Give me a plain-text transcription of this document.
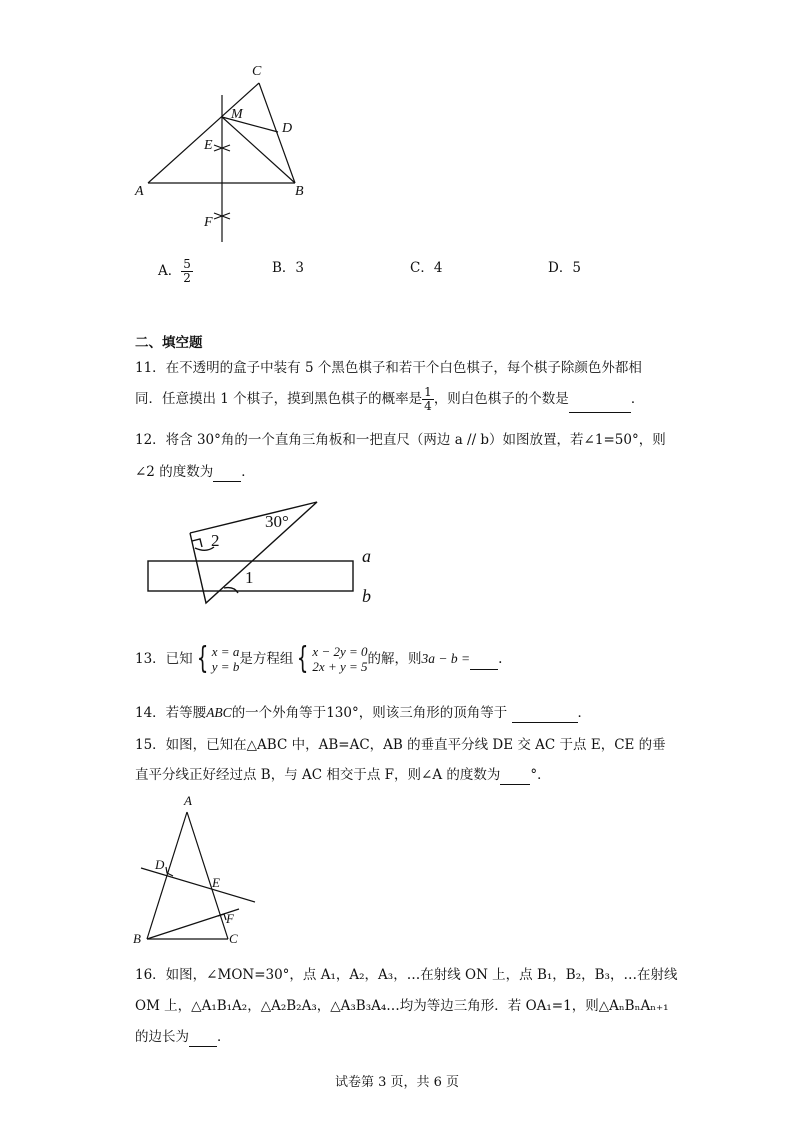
C
M
D
E
A	B
F
A． $\frac{5}{2}$	B．3	C．4	D．5
二、填空题
11．在不透明的盒子中装有 5 个黑色棋子和若干个白色棋子，每个棋子除颜色外都相
同．任意摸出 1 个棋子，摸到黑色棋子的概率是 $\frac{1}{4}$ ，则白色棋子的个数是	．
12．将含 30°角的一个直角三角板和一把直尺（两边 a // b）如图放置，若∠1=50°，则
∠2 的度数为 ．
30°
2
1
a
b
13．已知 { x = a
y = b 是方程组 { x − 2y = 0
2x + y = 5 的解，则3a − b = .
14．若等腰ABC的一个外角等于130°，则该三角形的顶角等于	．
15．如图，已知在△ABC 中，AB=AC，AB 的垂直平分线 DE 交 AC 于点 E，CE 的垂
直平分线正好经过点 B，与 AC 相交于点 F，则∠A 的度数为 °．
A
D
E
F
B	C
16．如图，∠MON=30°，点 A₁，A₂，A₃，…在射线 ON 上，点 B₁，B₂，B₃，…在射线
OM 上，△A₁B₁A₂，△A₂B₂A₃，△A₃B₃A₄…均为等边三角形．若 OA₁=1，则△AₙBₙAₙ₊₁
的边长为 ．
试卷第 3 页，共 6 页
